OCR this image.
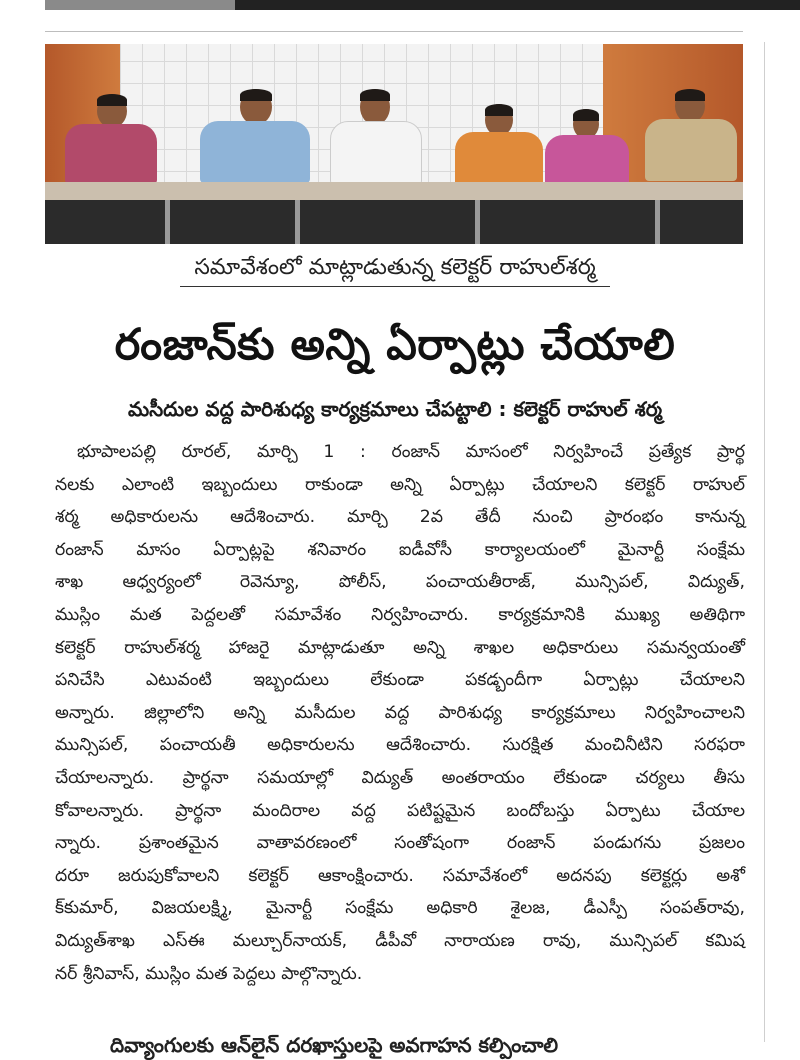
సమావేశంలో మాట్లాడుతున్న కలెక్టర్ రాహుల్‌శర్మ
రంజాన్‌కు అన్ని ఏర్పాట్లు చేయాలి
మసీదుల వద్ద పారిశుధ్య కార్యక్రమాలు చేపట్టాలి : కలెక్టర్ రాహుల్ శర్మ
భూపాలపల్లి రూరల్, మార్చి 1 : రంజాన్ మాసంలో నిర్వహించే ప్రత్యేక ప్రార్థ
నలకు ఎలాంటి ఇబ్బందులు రాకుండా అన్ని ఏర్పాట్లు చేయాలని కలెక్టర్ రాహుల్
శర్మ అధికారులను ఆదేశించారు. మార్చి 2వ తేదీ నుంచి ప్రారంభం కానున్న
రంజాన్ మాసం ఏర్పాట్లపై శనివారం ఐడీవోసీ కార్యాలయంలో మైనార్టీ సంక్షేమ
శాఖ ఆధ్వర్యంలో రెవెన్యూ, పోలీస్, పంచాయతీరాజ్, మున్సిపల్, విద్యుత్,
ముస్లిం మత పెద్దలతో సమావేశం నిర్వహించారు. కార్యక్రమానికి ముఖ్య అతిథిగా
కలెక్టర్ రాహుల్‌శర్మ హాజరై మాట్లాడుతూ అన్ని శాఖల అధికారులు సమన్వయంతో
పనిచేసి ఎటువంటి ఇబ్బందులు లేకుండా పకడ్బందీగా ఏర్పాట్లు చేయాలని
అన్నారు. జిల్లాలోని అన్ని మసీదుల వద్ద పారిశుధ్య కార్యక్రమాలు నిర్వహించాలని
మున్సిపల్, పంచాయతీ అధికారులను ఆదేశించారు. సురక్షిత మంచినీటిని సరఫరా
చేయాలన్నారు. ప్రార్థనా సమయాల్లో విద్యుత్ అంతరాయం లేకుండా చర్యలు తీసు
కోవాలన్నారు. ప్రార్థనా మందిరాల వద్ద పటిష్టమైన బందోబస్తు ఏర్పాటు చేయాల
న్నారు. ప్రశాంతమైన వాతావరణంలో సంతోషంగా రంజాన్ పండుగను ప్రజలం
దరూ జరుపుకోవాలని కలెక్టర్ ఆకాంక్షించారు. సమావేశంలో అదనపు కలెక్టర్లు అశో
క్‌కుమార్, విజయలక్ష్మి, మైనార్టీ సంక్షేమ అధికారి శైలజ, డీఎస్పీ సంపత్‌రావు,
విద్యుత్‌శాఖ ఎస్ఈ మల్చూర్‌నాయక్, డీపీవో నారాయణ రావు, మున్సిపల్ కమిష
నర్ శ్రీనివాస్, ముస్లిం మత పెద్దలు పాల్గొన్నారు.
దివ్యాంగులకు ఆన్‌లైన్ దరఖాస్తులపై అవగాహన కల్పించాలి
